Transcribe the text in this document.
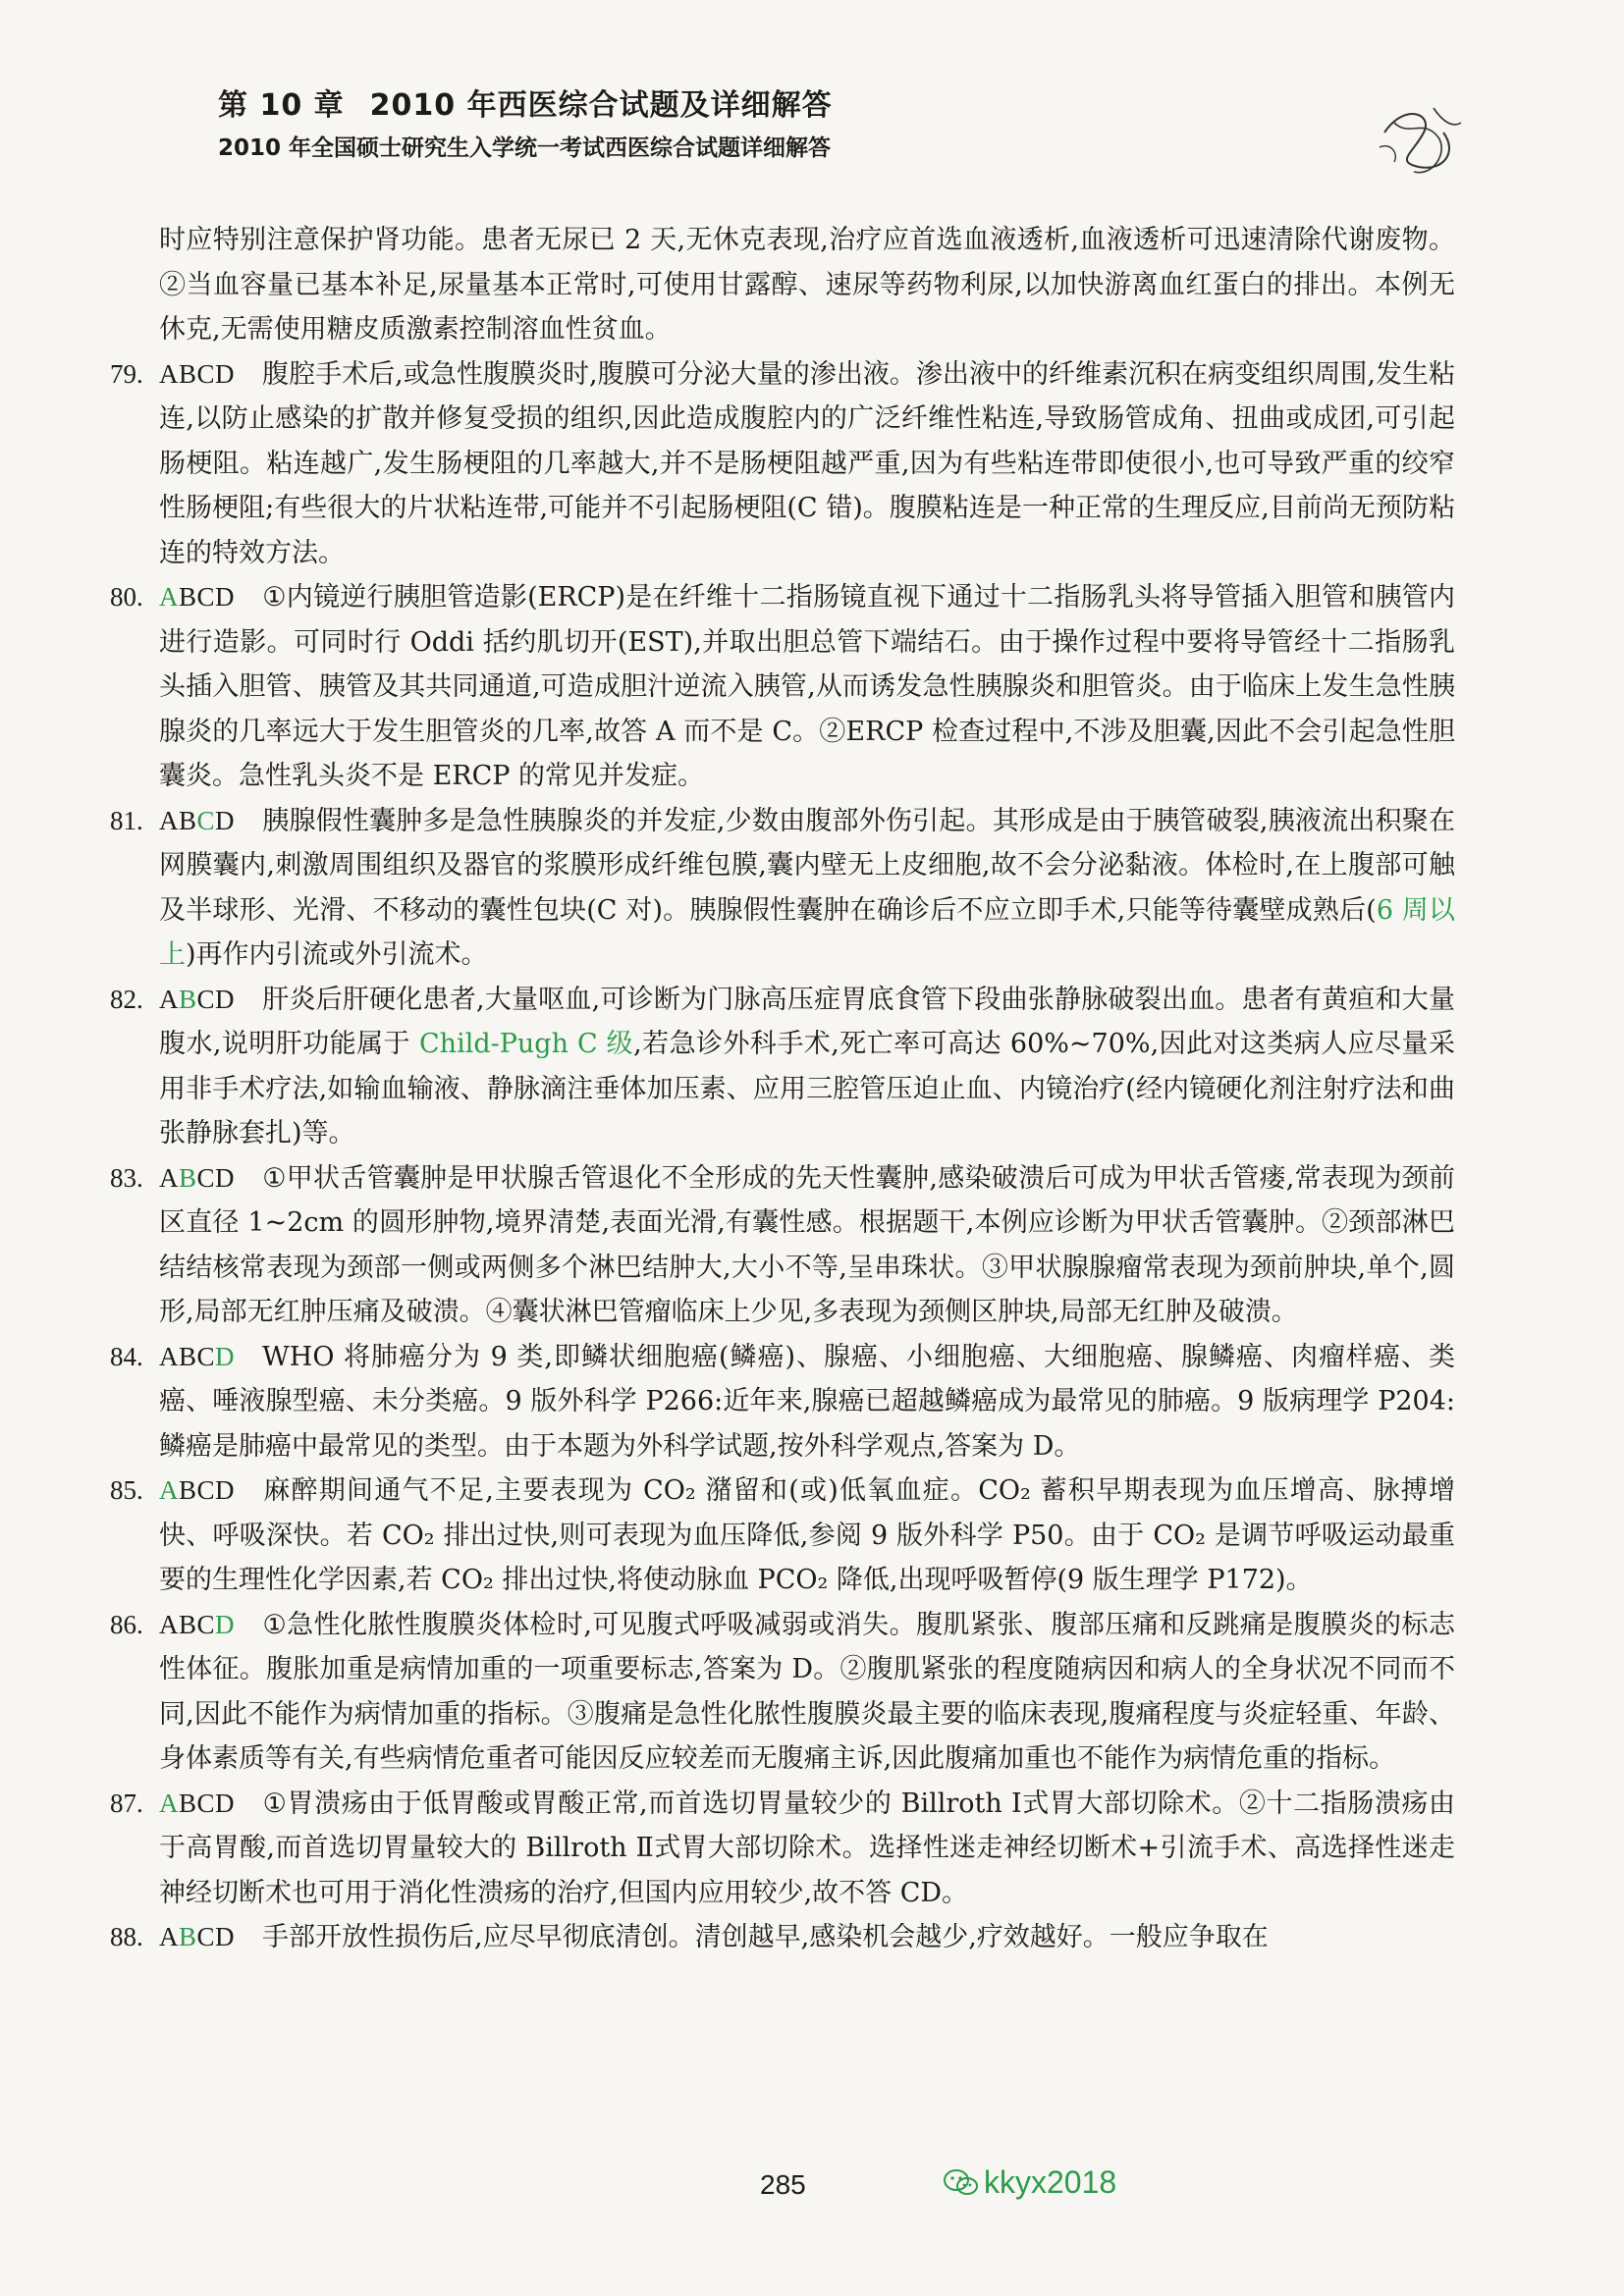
第 10 章 2010 年西医综合试题及详细解答
2010 年全国硕士研究生入学统一考试西医综合试题详细解答

时应特别注意保护肾功能。患者无尿已 2 天,无休克表现,治疗应首选血液透析,血液透析可迅速清除代谢废物。②当血容量已基本补足,尿量基本正常时,可使用甘露醇、速尿等药物利尿,以加快游离血红蛋白的排出。本例无休克,无需使用糖皮质激素控制溶血性贫血。

79. ABCD 腹腔手术后,或急性腹膜炎时,腹膜可分泌大量的渗出液。渗出液中的纤维素沉积在病变组织周围,发生粘连,以防止感染的扩散并修复受损的组织,因此造成腹腔内的广泛纤维性粘连,导致肠管成角、扭曲或成团,可引起肠梗阻。粘连越广,发生肠梗阻的几率越大,并不是肠梗阻越严重,因为有些粘连带即使很小,也可导致严重的绞窄性肠梗阻;有些很大的片状粘连带,可能并不引起肠梗阻(C 错)。腹膜粘连是一种正常的生理反应,目前尚无预防粘连的特效方法。

80. ABCD ①内镜逆行胰胆管造影(ERCP)是在纤维十二指肠镜直视下通过十二指肠乳头将导管插入胆管和胰管内进行造影。可同时行 Oddi 括约肌切开(EST),并取出胆总管下端结石。由于操作过程中要将导管经十二指肠乳头插入胆管、胰管及其共同通道,可造成胆汁逆流入胰管,从而诱发急性胰腺炎和胆管炎。由于临床上发生急性胰腺炎的几率远大于发生胆管炎的几率,故答 A 而不是 C。②ERCP 检查过程中,不涉及胆囊,因此不会引起急性胆囊炎。急性乳头炎不是 ERCP 的常见并发症。

81. ABCD 胰腺假性囊肿多是急性胰腺炎的并发症,少数由腹部外伤引起。其形成是由于胰管破裂,胰液流出积聚在网膜囊内,刺激周围组织及器官的浆膜形成纤维包膜,囊内壁无上皮细胞,故不会分泌黏液。体检时,在上腹部可触及半球形、光滑、不移动的囊性包块(C 对)。胰腺假性囊肿在确诊后不应立即手术,只能等待囊壁成熟后(6 周以上)再作内引流或外引流术。

82. ABCD 肝炎后肝硬化患者,大量呕血,可诊断为门脉高压症胃底食管下段曲张静脉破裂出血。患者有黄疸和大量腹水,说明肝功能属于 Child-Pugh C 级,若急诊外科手术,死亡率可高达 60%~70%,因此对这类病人应尽量采用非手术疗法,如输血输液、静脉滴注垂体加压素、应用三腔管压迫止血、内镜治疗(经内镜硬化剂注射疗法和曲张静脉套扎)等。

83. ABCD ①甲状舌管囊肿是甲状腺舌管退化不全形成的先天性囊肿,感染破溃后可成为甲状舌管瘘,常表现为颈前区直径 1~2cm 的圆形肿物,境界清楚,表面光滑,有囊性感。根据题干,本例应诊断为甲状舌管囊肿。②颈部淋巴结结核常表现为颈部一侧或两侧多个淋巴结肿大,大小不等,呈串珠状。③甲状腺腺瘤常表现为颈前肿块,单个,圆形,局部无红肿压痛及破溃。④囊状淋巴管瘤临床上少见,多表现为颈侧区肿块,局部无红肿及破溃。

84. ABCD WHO 将肺癌分为 9 类,即鳞状细胞癌(鳞癌)、腺癌、小细胞癌、大细胞癌、腺鳞癌、肉瘤样癌、类癌、唾液腺型癌、未分类癌。9 版外科学 P266:近年来,腺癌已超越鳞癌成为最常见的肺癌。9 版病理学 P204:鳞癌是肺癌中最常见的类型。由于本题为外科学试题,按外科学观点,答案为 D。

85. ABCD 麻醉期间通气不足,主要表现为 CO₂ 潴留和(或)低氧血症。CO₂ 蓄积早期表现为血压增高、脉搏增快、呼吸深快。若 CO₂ 排出过快,则可表现为血压降低,参阅 9 版外科学 P50。由于 CO₂ 是调节呼吸运动最重要的生理性化学因素,若 CO₂ 排出过快,将使动脉血 PCO₂ 降低,出现呼吸暂停(9 版生理学 P172)。

86. ABCD ①急性化脓性腹膜炎体检时,可见腹式呼吸减弱或消失。腹肌紧张、腹部压痛和反跳痛是腹膜炎的标志性体征。腹胀加重是病情加重的一项重要标志,答案为 D。②腹肌紧张的程度随病因和病人的全身状况不同而不同,因此不能作为病情加重的指标。③腹痛是急性化脓性腹膜炎最主要的临床表现,腹痛程度与炎症轻重、年龄、身体素质等有关,有些病情危重者可能因反应较差而无腹痛主诉,因此腹痛加重也不能作为病情危重的指标。

87. ABCD ①胃溃疡由于低胃酸或胃酸正常,而首选切胃量较少的 Billroth Ⅰ式胃大部切除术。②十二指肠溃疡由于高胃酸,而首选切胃量较大的 Billroth Ⅱ式胃大部切除术。选择性迷走神经切断术+引流手术、高选择性迷走神经切断术也可用于消化性溃疡的治疗,但国内应用较少,故不答 CD。

88. ABCD 手部开放性损伤后,应尽早彻底清创。清创越早,感染机会越少,疗效越好。一般应争取在

285	kkyx2018
